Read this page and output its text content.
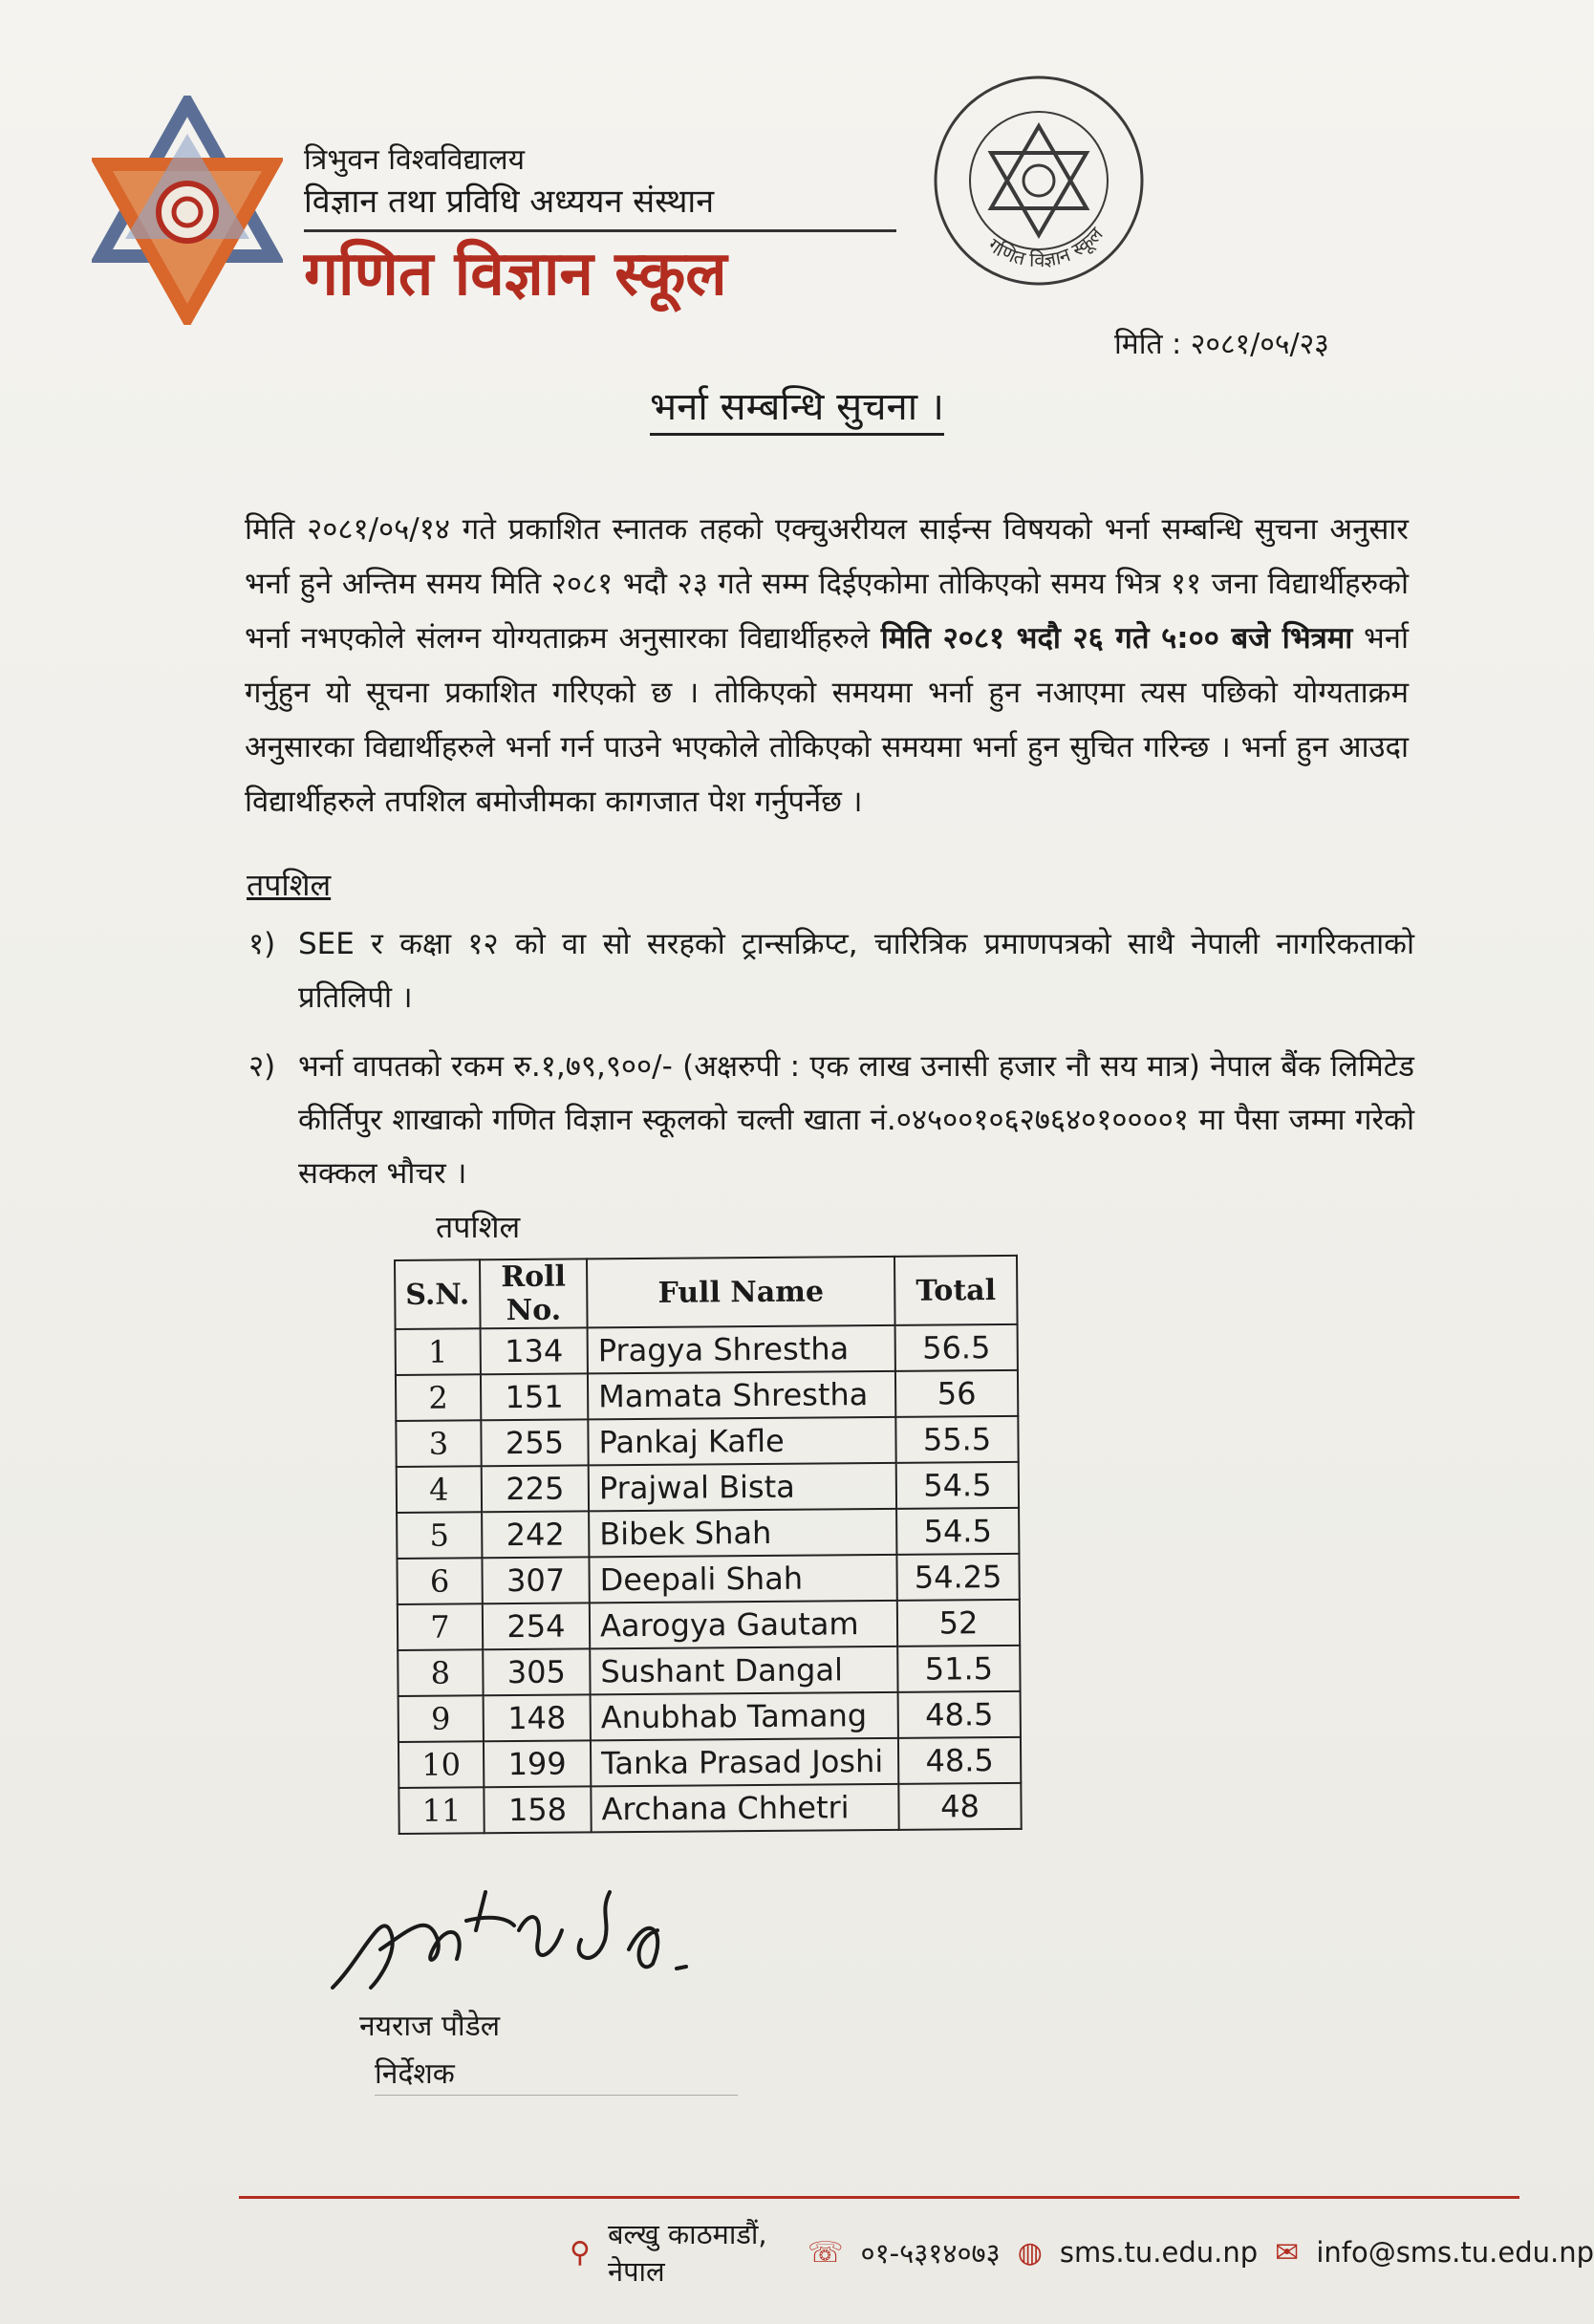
त्रिभुवन विश्वविद्यालय
विज्ञान तथा प्रविधि अध्ययन संस्थान
गणित विज्ञान स्कूल	गणित विज्ञान स्कूल
मिति : २०८१/०५/२३
भर्ना सम्बन्धि सुचना ।
मिति २०८१/०५/१४ गते प्रकाशित स्नातक तहको एक्चुअरीयल साईन्स विषयको भर्ना सम्बन्धि सुचना अनुसार भर्ना हुने अन्तिम समय मिति २०८१ भदौ २३ गते सम्म दिईएकोमा तोकिएको समय भित्र ११ जना विद्यार्थीहरुको भर्ना नभएकोले संलग्न योग्यताक्रम अनुसारका विद्यार्थीहरुले मिति २०८१ भदौ २६ गते ५:०० बजे भित्रमा भर्ना गर्नुहुन यो सूचना प्रकाशित गरिएको छ । तोकिएको समयमा भर्ना हुन नआएमा त्यस पछिको योग्यताक्रम अनुसारका विद्यार्थीहरुले भर्ना गर्न पाउने भएकोले तोकिएको समयमा भर्ना हुन सुचित गरिन्छ । भर्ना हुन आउदा विद्यार्थीहरुले तपशिल बमोजीमका कागजात पेश गर्नुपर्नेछ ।
तपशिल
१) SEE र कक्षा १२ को वा सो सरहको ट्रान्सक्रिप्ट, चारित्रिक प्रमाणपत्रको साथै नेपाली नागरिकताको प्रतिलिपी ।
२) भर्ना वापतको रकम रु.१,७९,९००/- (अक्षरुपी : एक लाख उनासी हजार नौ सय मात्र) नेपाल बैंक लिमिटेड कीर्तिपुर शाखाको गणित विज्ञान स्कूलको चल्ती खाता नं.०४५००१०६२७६४०१००००१ मा पैसा जम्मा गरेको सक्कल भौचर ।
तपशिल
S.N.	Roll No.	Full Name	Total
1	134	Pragya Shrestha	56.5
2	151	Mamata Shrestha	56
3	255	Pankaj Kafle	55.5
4	225	Prajwal Bista	54.5
5	242	Bibek Shah	54.5
6	307	Deepali Shah	54.25
7	254	Aarogya Gautam	52
8	305	Sushant Dangal	51.5
9	148	Anubhab Tamang	48.5
10	199	Tanka Prasad Joshi	48.5
11	158	Archana Chhetri	48
नयराज पौडेल
निर्देशक
⚲
बल्खु काठमाडौं, नेपाल
☏ ०१-५३१४०७३ ◍ sms.tu.edu.np ✉ info@sms.tu.edu.np
